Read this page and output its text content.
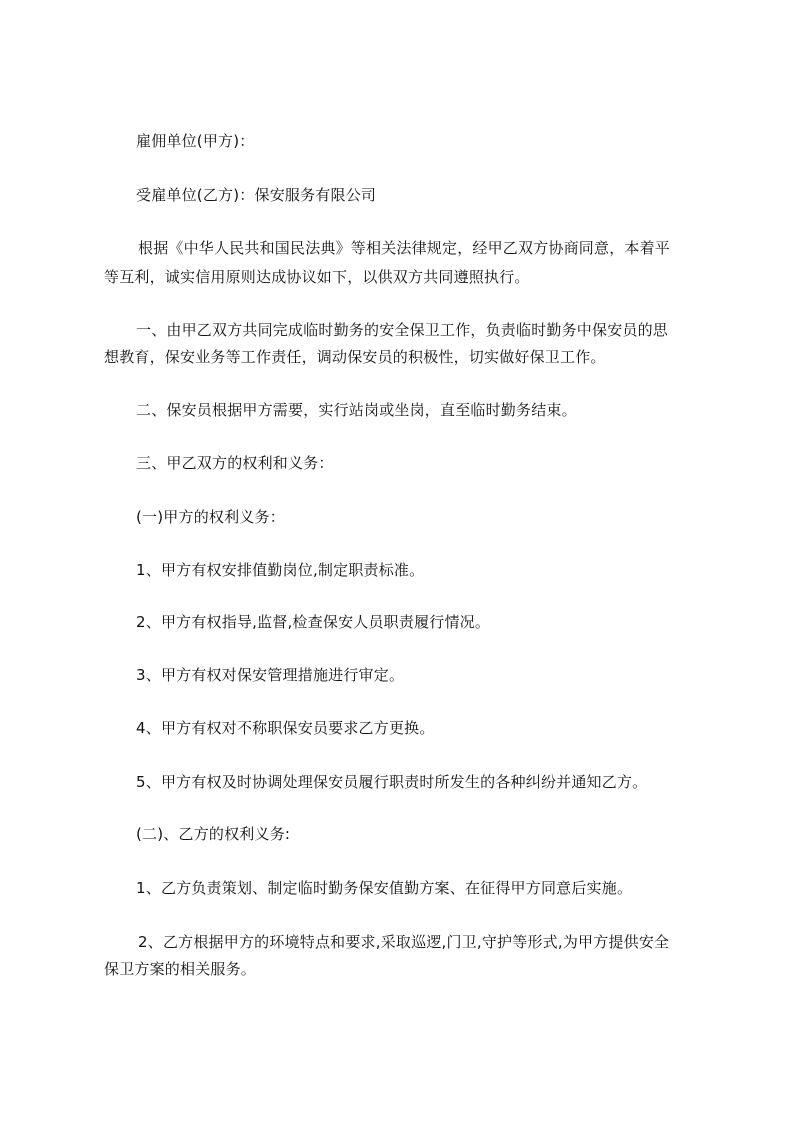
雇佣单位(甲方)：
受雇单位(乙方)：保安服务有限公司
根据《中华人民共和国民法典》等相关法律规定，经甲乙双方协商同意，本着平
等互利，诚实信用原则达成协议如下，以供双方共同遵照执行。
一、由甲乙双方共同完成临时勤务的安全保卫工作，负责临时勤务中保安员的思
想教育，保安业务等工作责任，调动保安员的积极性，切实做好保卫工作。
二、保安员根据甲方需要，实行站岗或坐岗，直至临时勤务结束。
三、甲乙双方的权利和义务：
(一)甲方的权利义务：
1、甲方有权安排值勤岗位,制定职责标准。
2、甲方有权指导,监督,检查保安人员职责履行情况。
3、甲方有权对保安管理措施进行审定。
4、甲方有权对不称职保安员要求乙方更换。
5、甲方有权及时协调处理保安员履行职责时所发生的各种纠纷并通知乙方。
(二)、乙方的权利义务:
1、乙方负责策划、制定临时勤务保安值勤方案、在征得甲方同意后实施。
2、乙方根据甲方的环境特点和要求,采取巡逻,门卫,守护等形式,为甲方提供安全
保卫方案的相关服务。
